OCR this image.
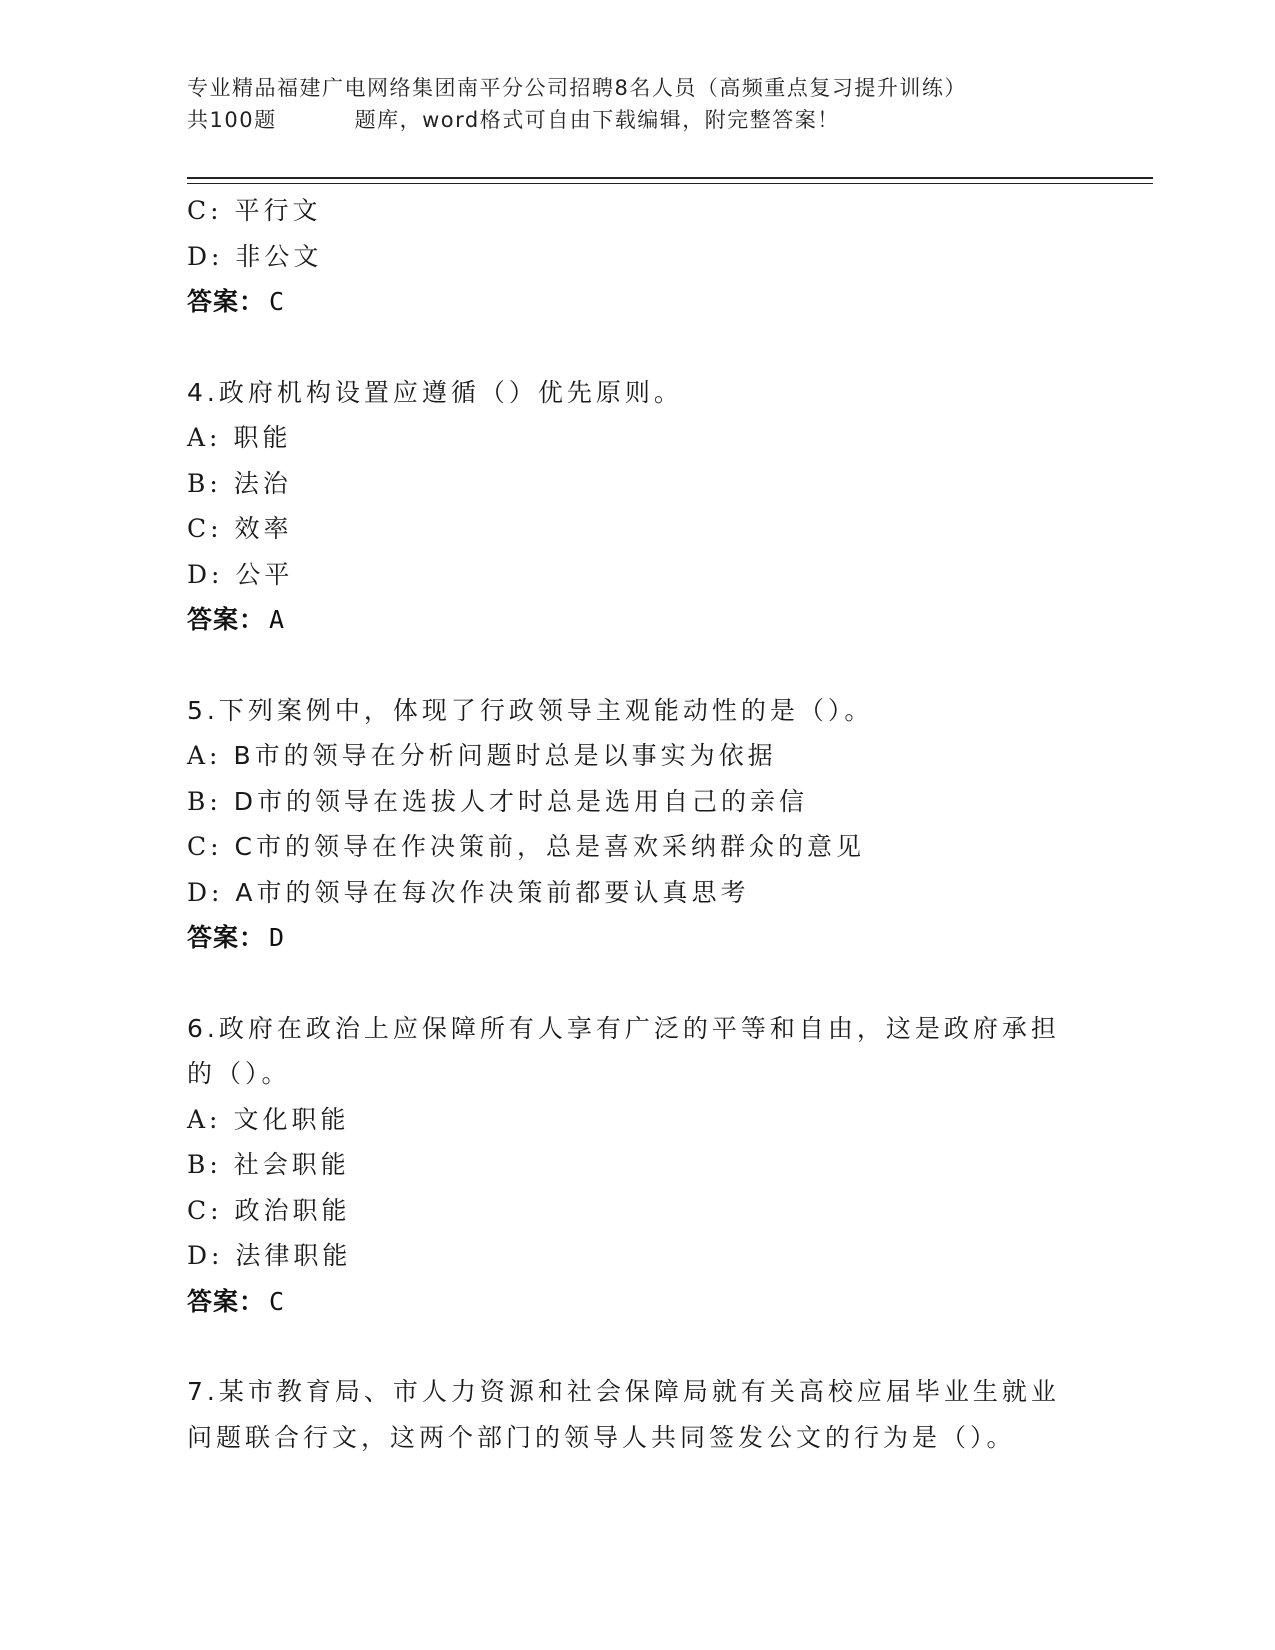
专业精品福建广电网络集团南平分公司招聘8名人员（高频重点复习提升训练）
共100题	题库，word格式可自由下载编辑，附完整答案！
C: 平行文
D: 非公文
答案： C
4.政府机构设置应遵循（）优先原则。
A: 职能
B: 法治
C: 效率
D: 公平
答案： A
5.下列案例中，体现了行政领导主观能动性的是（）。
A: B市的领导在分析问题时总是以事实为依据
B: D市的领导在选拔人才时总是选用自己的亲信
C: C市的领导在作决策前，总是喜欢采纳群众的意见
D: A市的领导在每次作决策前都要认真思考
答案： D
6.政府在政治上应保障所有人享有广泛的平等和自由，这是政府承担
的（）。
A: 文化职能
B: 社会职能
C: 政治职能
D: 法律职能
答案： C
7.某市教育局、市人力资源和社会保障局就有关高校应届毕业生就业
问题联合行文，这两个部门的领导人共同签发公文的行为是（）。
